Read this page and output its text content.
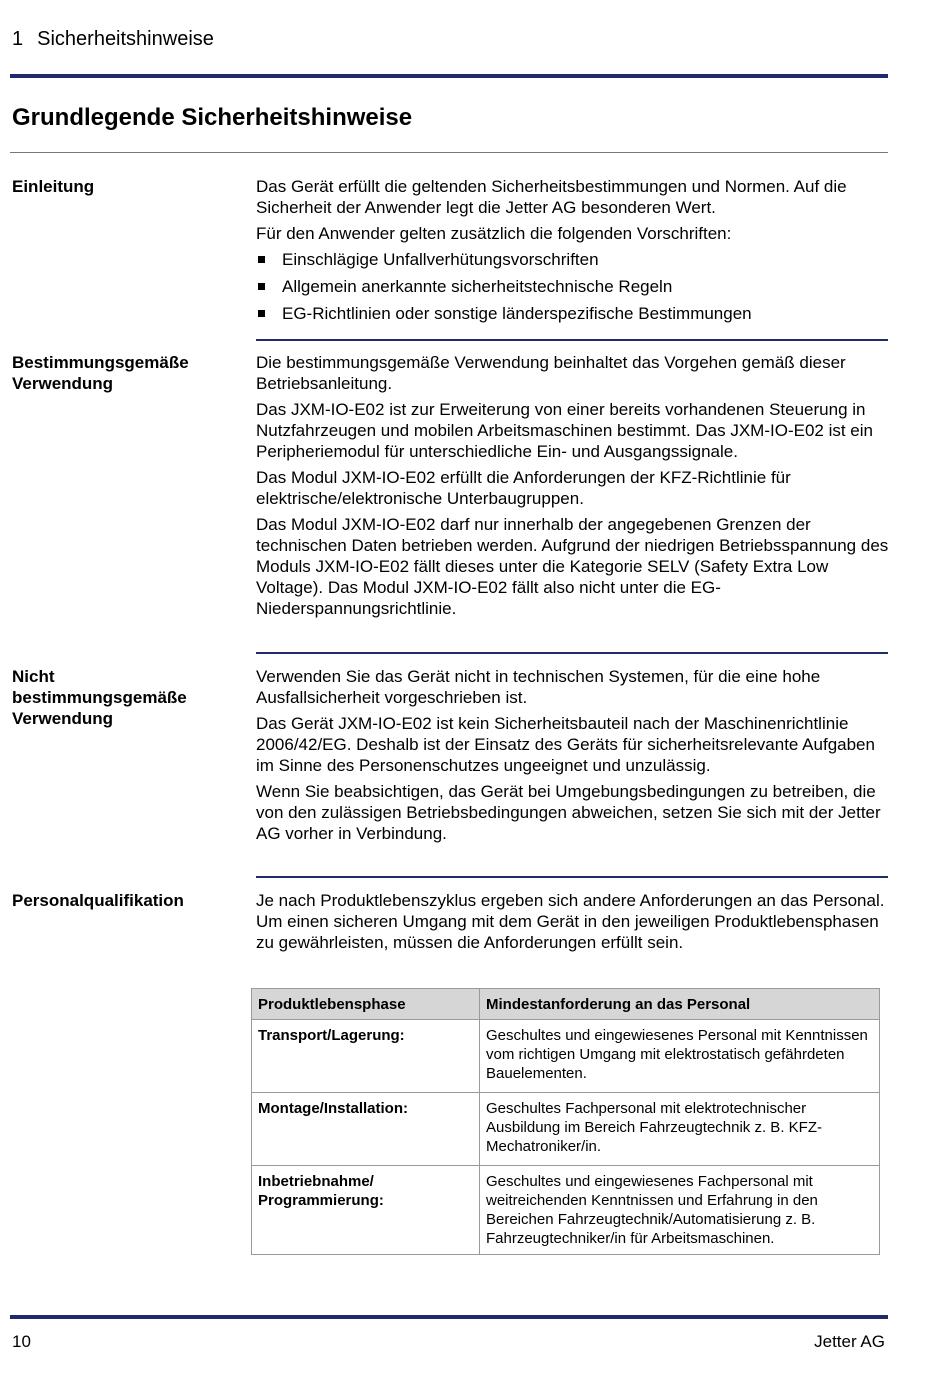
1 Sicherheitshinweise
Grundlegende Sicherheitshinweise
Einleitung	Das Gerät erfüllt die geltenden Sicherheitsbestimmungen und Normen. Auf die Sicherheit der Anwender legt die Jetter AG besonderen Wert.

Für den Anwender gelten zusätzlich die folgenden Vorschriften:

Einschlägige Unfallverhütungsvorschriften
Allgemein anerkannte sicherheitstechnische Regeln
EG-Richtlinien oder sonstige länderspezifische Bestimmungen
Bestimmungsgemäße Verwendung

Die bestimmungsgemäße Verwendung beinhaltet das Vorgehen gemäß dieser Betriebsanleitung.

Das JXM-IO-E02 ist zur Erweiterung von einer bereits vorhandenen Steuerung in Nutzfahrzeugen und mobilen Arbeitsmaschinen bestimmt. Das JXM-IO-E02 ist ein Peripheriemodul für unterschiedliche Ein- und Ausgangssignale.

Das Modul JXM-IO-E02 erfüllt die Anforderungen der KFZ-Richtlinie für elektrische/elektronische Unterbaugruppen.

Das Modul JXM-IO-E02 darf nur innerhalb der angegebenen Grenzen der technischen Daten betrieben werden. Aufgrund der niedrigen Betriebsspannung des Moduls JXM-IO-E02 fällt dieses unter die Kategorie SELV (Safety Extra Low Voltage). Das Modul JXM-IO-E02 fällt also nicht unter die EG-Niederspannungsrichtlinie.

Nicht bestimmungsgemäße Verwendung

Verwenden Sie das Gerät nicht in technischen Systemen, für die eine hohe Ausfallsicherheit vorgeschrieben ist.

Das Gerät JXM-IO-E02 ist kein Sicherheitsbauteil nach der Maschinenrichtlinie 2006/42/EG. Deshalb ist der Einsatz des Geräts für sicherheitsrelevante Aufgaben im Sinne des Personenschutzes ungeeignet und unzulässig.

Wenn Sie beabsichtigen, das Gerät bei Umgebungsbedingungen zu betreiben, die von den zulässigen Betriebsbedingungen abweichen, setzen Sie sich mit der Jetter AG vorher in Verbindung.

Personalqualifikation	Je nach Produktlebenszyklus ergeben sich andere Anforderungen an das Personal. Um einen sicheren Umgang mit dem Gerät in den jeweiligen Produktlebensphasen zu gewährleisten, müssen die Anforderungen erfüllt sein.

Produktlebensphase	Mindestanforderung an das Personal
Transport/Lagerung:	Geschultes und eingewiesenes Personal mit Kenntnissen vom richtigen Umgang mit elektrostatisch gefährdeten Bauelementen.
Montage/Installation:	Geschultes Fachpersonal mit elektrotechnischer Ausbildung im Bereich Fahrzeugtechnik z. B. KFZ-Mechatroniker/in.
Inbetriebnahme/ Programmierung:	Geschultes und eingewiesenes Fachpersonal mit weitreichenden Kenntnissen und Erfahrung in den Bereichen Fahrzeugtechnik/Automatisierung z. B. Fahrzeugtechniker/in für Arbeitsmaschinen.
10	Jetter AG
